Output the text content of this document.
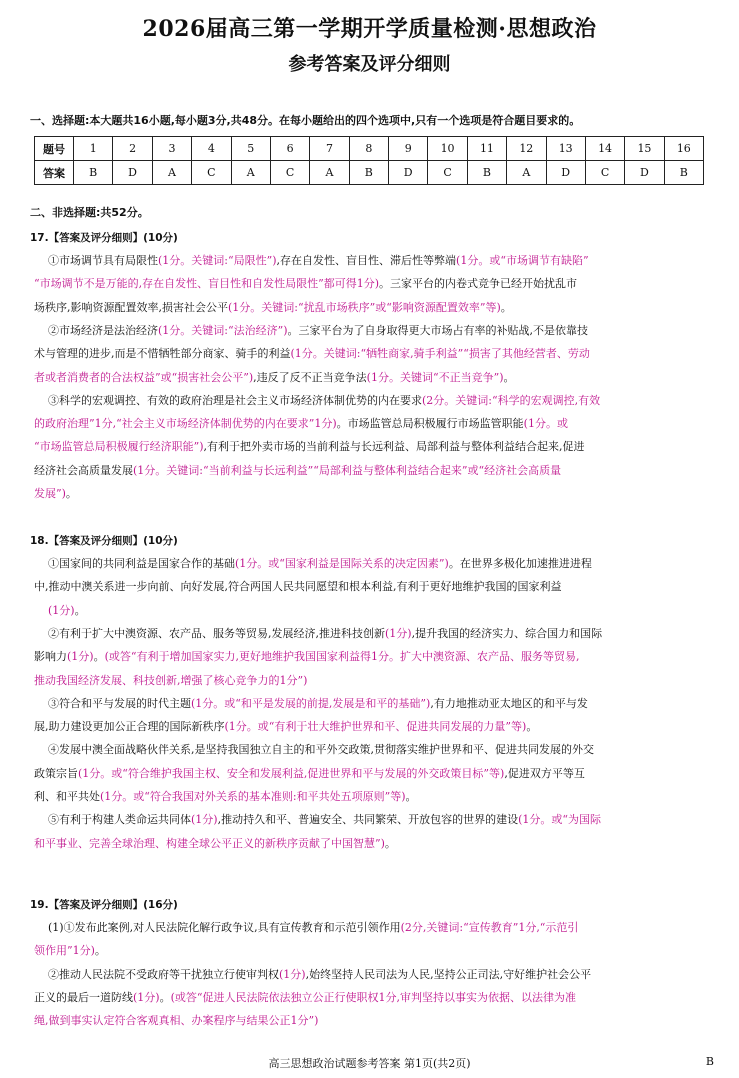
2026届高三第一学期开学质量检测·思想政治
参考答案及评分细则
一、选择题:本大题共16小题,每小题3分,共48分。在每小题给出的四个选项中,只有一个选项是符合题目要求的。
题号	1	2	3	4	5	6	7	8	9	10	11	12	13	14	15	16
答案	B	D	A	C	A	C	A	B	D	C	B	A	D	C	D	B
二、非选择题:共52分。
17.【答案及评分细则】(10分)
①市场调节具有局限性(1分。关键词:“局限性”),存在自发性、盲目性、滞后性等弊端(1分。或“市场调节有缺陷”
“市场调节不是万能的,存在自发性、盲目性和自发性局限性”都可得1分)。三家平台的内卷式竞争已经开始扰乱市
场秩序,影响资源配置效率,损害社会公平(1分。关键词:“扰乱市场秩序”或“影响资源配置效率”等)。
②市场经济是法治经济(1分。关键词:“法治经济”)。三家平台为了自身取得更大市场占有率的补贴战,不是依靠技
术与管理的进步,而是不惜牺牲部分商家、骑手的利益(1分。关键词:“牺牲商家,骑手利益”“损害了其他经营者、劳动
者或者消费者的合法权益”或“损害社会公平”),违反了反不正当竞争法(1分。关键词“不正当竞争”)。
③科学的宏观调控、有效的政府治理是社会主义市场经济体制优势的内在要求(2分。关键词:“科学的宏观调控,有效
的政府治理”1分,“社会主义市场经济体制优势的内在要求”1分)。市场监管总局积极履行市场监管职能(1分。或
“市场监管总局积极履行经济职能”),有利于把外卖市场的当前利益与长远利益、局部利益与整体利益结合起来,促进
经济社会高质量发展(1分。关键词:“当前利益与长远利益”“局部利益与整体利益结合起来”或“经济社会高质量
发展”)。
18.【答案及评分细则】(10分)
①国家间的共同利益是国家合作的基础(1分。或“国家利益是国际关系的决定因素”)。在世界多极化加速推进进程
中,推动中澳关系进一步向前、向好发展,符合两国人民共同愿望和根本利益,有利于更好地维护我国的国家利益
(1分)。
②有利于扩大中澳资源、农产品、服务等贸易,发展经济,推进科技创新(1分),提升我国的经济实力、综合国力和国际
影响力(1分)。(或答“有利于增加国家实力,更好地维护我国国家利益得1分。扩大中澳资源、农产品、服务等贸易,
推动我国经济发展、科技创新,增强了核心竞争力的1分”)
③符合和平与发展的时代主题(1分。或“和平是发展的前提,发展是和平的基础”),有力地推动亚太地区的和平与发
展,助力建设更加公正合理的国际新秩序(1分。或“有利于壮大维护世界和平、促进共同发展的力量”等)。
④发展中澳全面战略伙伴关系,是坚持我国独立自主的和平外交政策,贯彻落实维护世界和平、促进共同发展的外交
政策宗旨(1分。或“符合维护我国主权、安全和发展利益,促进世界和平与发展的外交政策目标”等),促进双方平等互
利、和平共处(1分。或“符合我国对外关系的基本准则:和平共处五项原则”等)。
⑤有利于构建人类命运共同体(1分),推动持久和平、普遍安全、共同繁荣、开放包容的世界的建设(1分。或“为国际
和平事业、完善全球治理、构建全球公平正义的新秩序贡献了中国智慧”)。
19.【答案及评分细则】(16分)
(1)①发布此案例,对人民法院化解行政争议,具有宣传教育和示范引领作用(2分,关键词:“宣传教育”1分,“示范引
领作用”1分)。
②推动人民法院不受政府等干扰独立行使审判权(1分),始终坚持人民司法为人民,坚持公正司法,守好维护社会公平
正义的最后一道防线(1分)。(或答“促进人民法院依法独立公正行使职权1分,审判坚持以事实为依据、以法律为准
绳,做到事实认定符合客观真相、办案程序与结果公正1分”)
高三思想政治试题参考答案 第1页(共2页)	B
